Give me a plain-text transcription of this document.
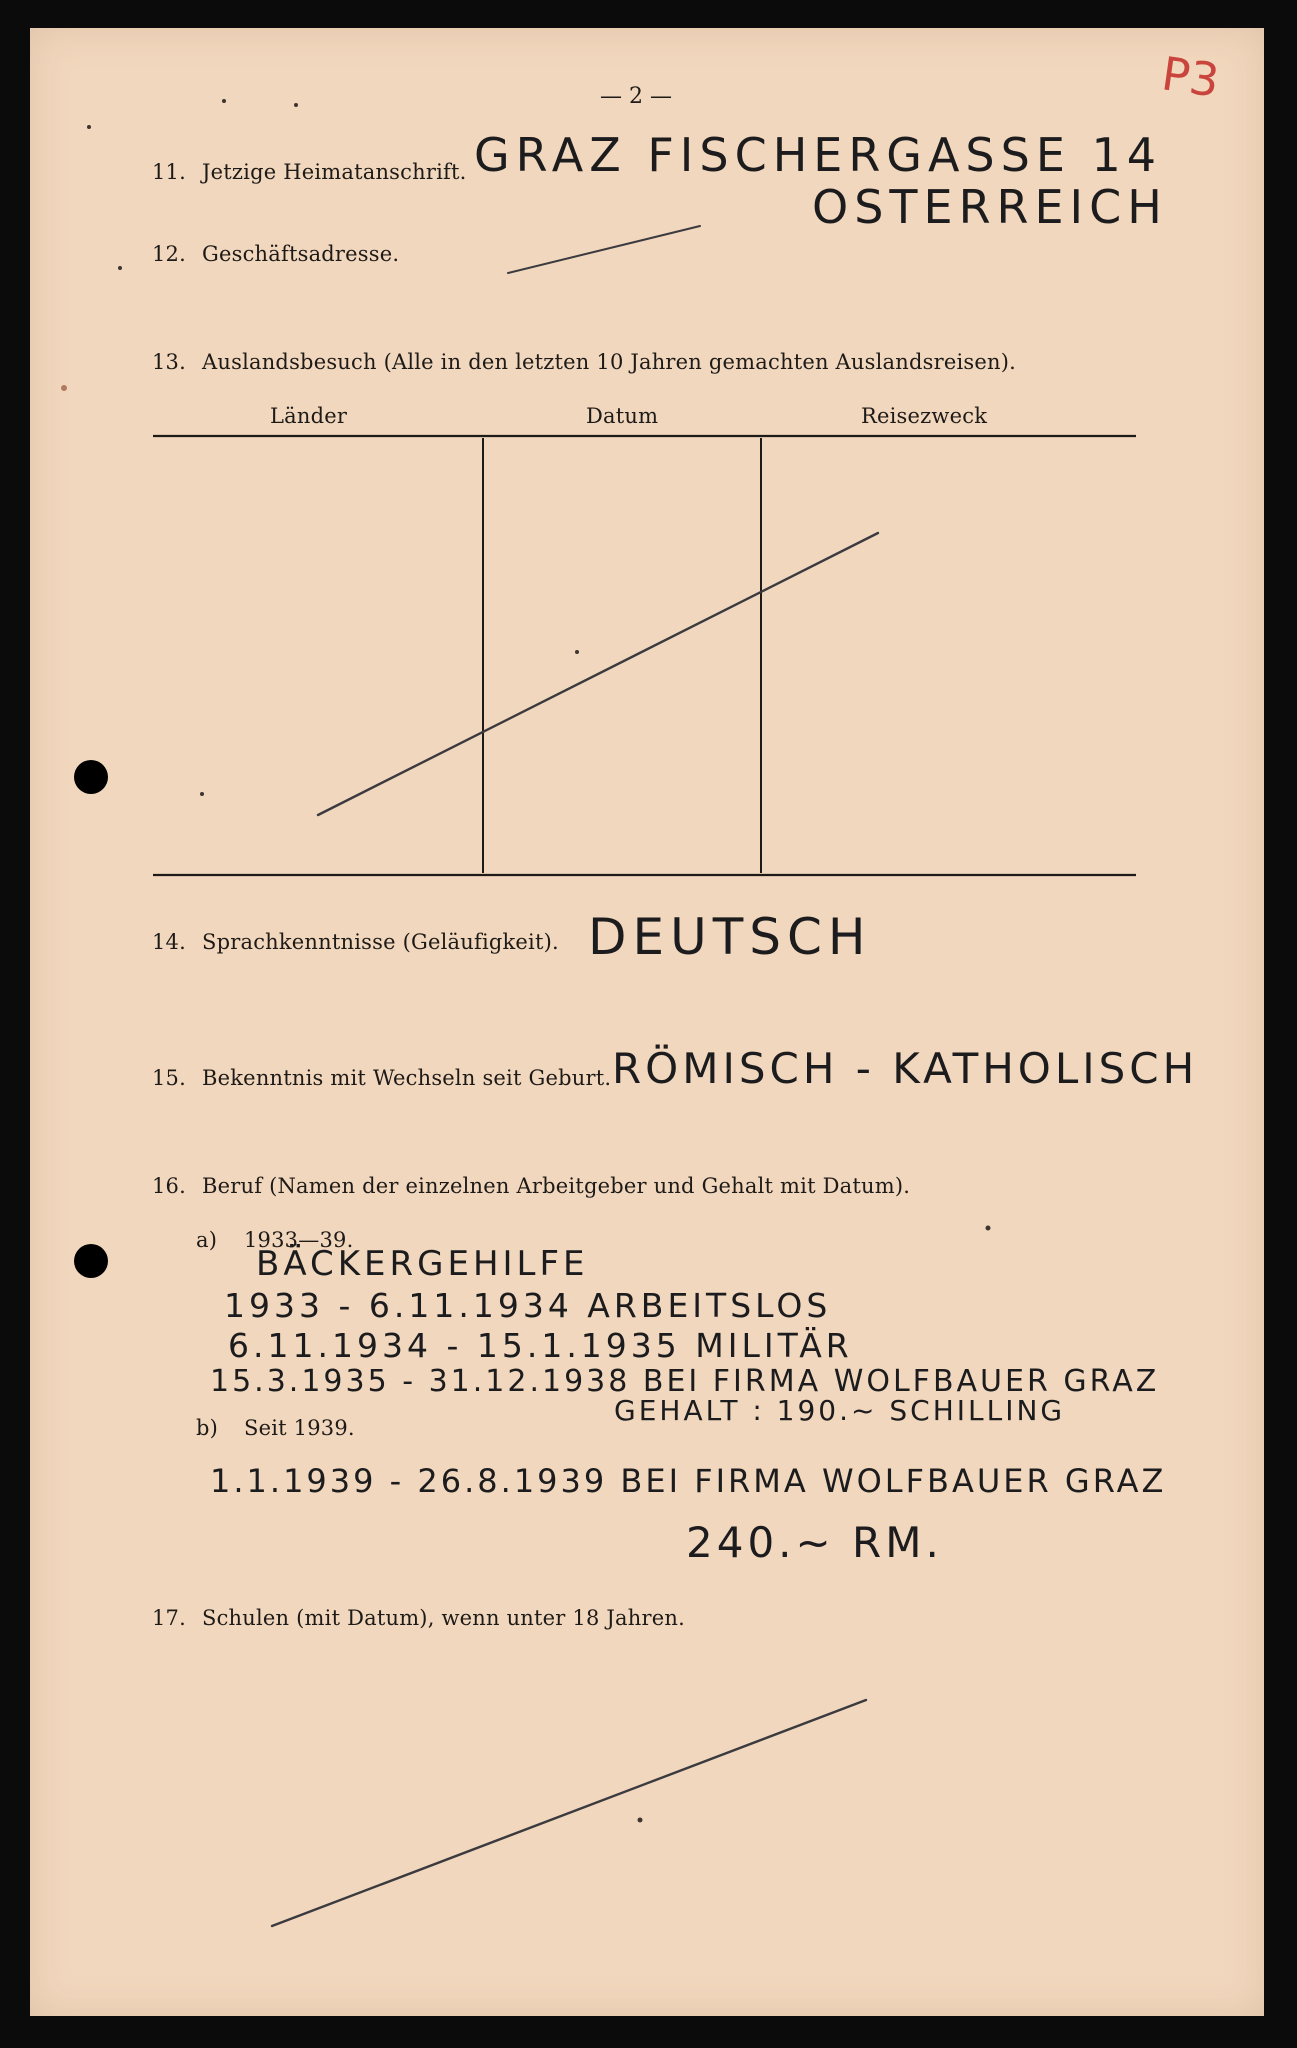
— 2 —	P3
11. Jetzige Heimatanschrift. GRAZ FISCHERGASSE 14
OSTERREICH
12. Geschäftsadresse.
13. Auslandsbesuch (Alle in den letzten 10 Jahren gemachten Auslandsreisen).
Länder	Datum	Reisezweck
14. Sprachkenntnisse (Geläufigkeit). DEUTSCH
15. Bekenntnis mit Wechseln seit Geburt. RÖMISCH - KATHOLISCH
16. Beruf (Namen der einzelnen Arbeitgeber und Gehalt mit Datum).
a) 1933—39.
BÄCKERGEHILFE
1933 - 6.11.1934 ARBEITSLOS
6.11.1934 - 15.1.1935 MILITÄR
15.3.1935 - 31.12.1938 BEI FIRMA WOLFBAUER GRAZ
GEHALT : 190.~ SCHILLING
b) Seit 1939.
1.1.1939 - 26.8.1939 BEI FIRMA WOLFBAUER GRAZ
240.~ RM.
17. Schulen (mit Datum), wenn unter 18 Jahren.
